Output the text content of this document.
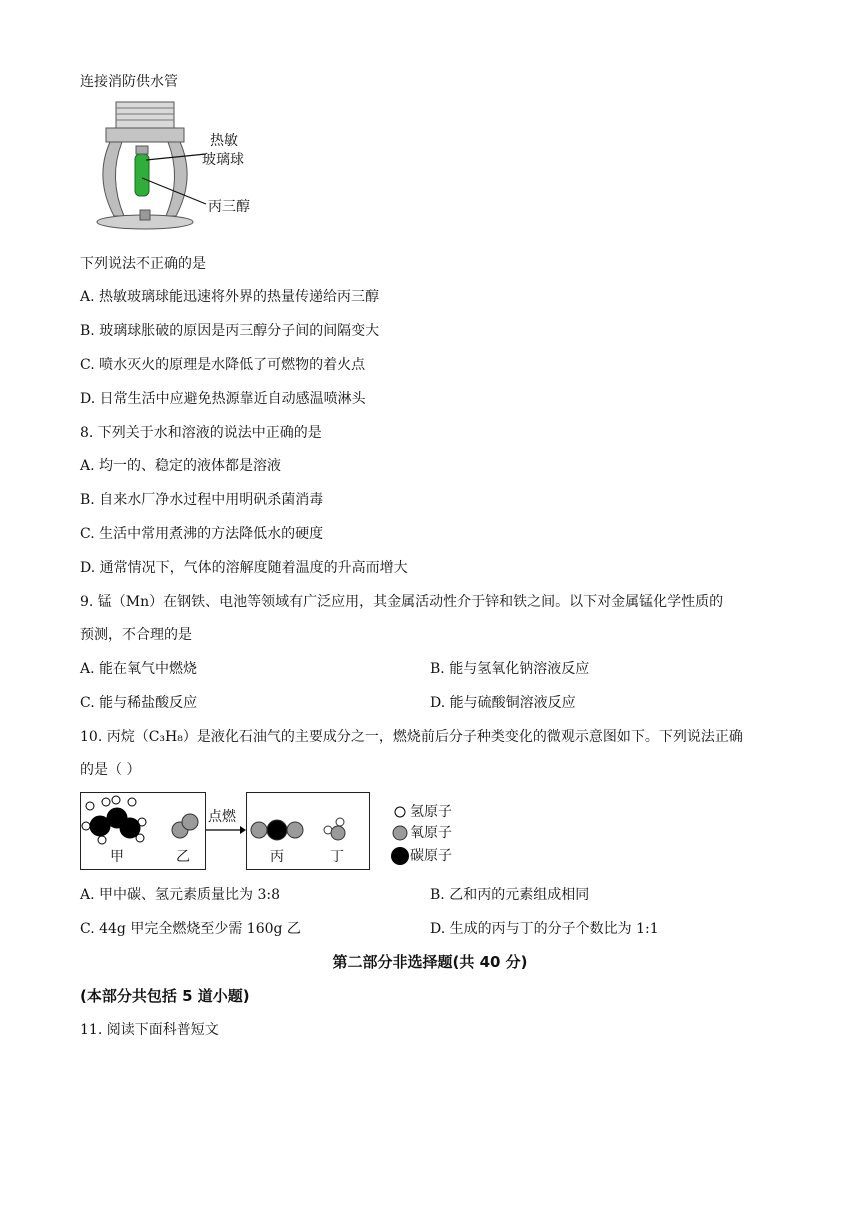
连接消防供水管
热敏
玻璃球
丙三醇
下列说法不正确的是
A. 热敏玻璃球能迅速将外界的热量传递给丙三醇
B. 玻璃球胀破的原因是丙三醇分子间的间隔变大
C. 喷水灭火的原理是水降低了可燃物的着火点
D. 日常生活中应避免热源靠近自动感温喷淋头
8. 下列关于水和溶液的说法中正确的是
A. 均一的、稳定的液体都是溶液
B. 自来水厂净水过程中用明矾杀菌消毒
C. 生活中常用煮沸的方法降低水的硬度
D. 通常情况下，气体的溶解度随着温度的升高而增大
9. 锰（Mn）在钢铁、电池等领域有广泛应用，其金属活动性介于锌和铁之间。以下对金属锰化学性质的
预测，不合理的是
A. 能在氧气中燃烧	B. 能与氢氧化钠溶液反应
C. 能与稀盐酸反应	D. 能与硫酸铜溶液反应
10. 丙烷（C₃H₈）是液化石油气的主要成分之一，燃烧前后分子种类变化的微观示意图如下。下列说法正确
的是（ ）
甲	乙	丙	丁
点燃	氢原子
氧原子
碳原子
A. 甲中碳、氢元素质量比为 3:8	B. 乙和丙的元素组成相同
C. 44g 甲完全燃烧至少需 160g 乙	D. 生成的丙与丁的分子个数比为 1:1
第二部分非选择题(共 40 分)
(本部分共包括 5 道小题)
11. 阅读下面科普短文
